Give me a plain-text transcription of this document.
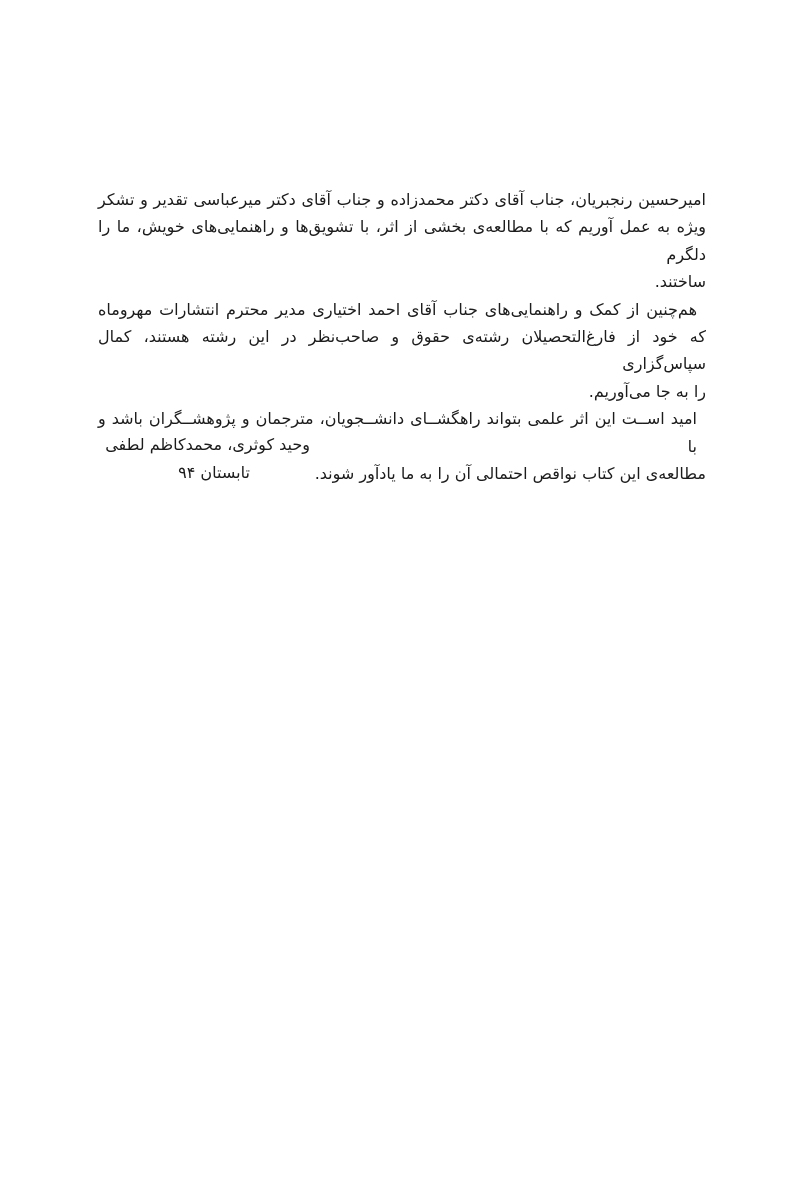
امیرحسین رنجبریان، جناب آقای دکتر محمدزاده و جناب آقای دکتر میرعباسی تقدیر و تشکر

ویژه به عمل آوریم که با مطالعه‌ی بخشی از اثر، با تشویق‌ها و راهنمایی‌های خویش، ما را دلگرم

ساختند.

هم‌چنین از کمک و راهنمایی‌های جناب آقای احمد اختیاری مدیر محترم انتشارات مهروماه

که خود از فارغ‌التحصیلان رشته‌ی حقوق و صاحب‌نظر در این رشته هستند، کمال سپاس‌گزاری

را به جا می‌آوریم.

امید اســت این اثر علمی بتواند راهگشــای دانشــجویان، مترجمان و پژوهشــگران باشد و با

مطالعه‌ی این کتاب نواقص احتمالی آن را به ما یادآور شوند.

وحید کوثری، محمدکاظم لطفی

تابستان ۹۴
